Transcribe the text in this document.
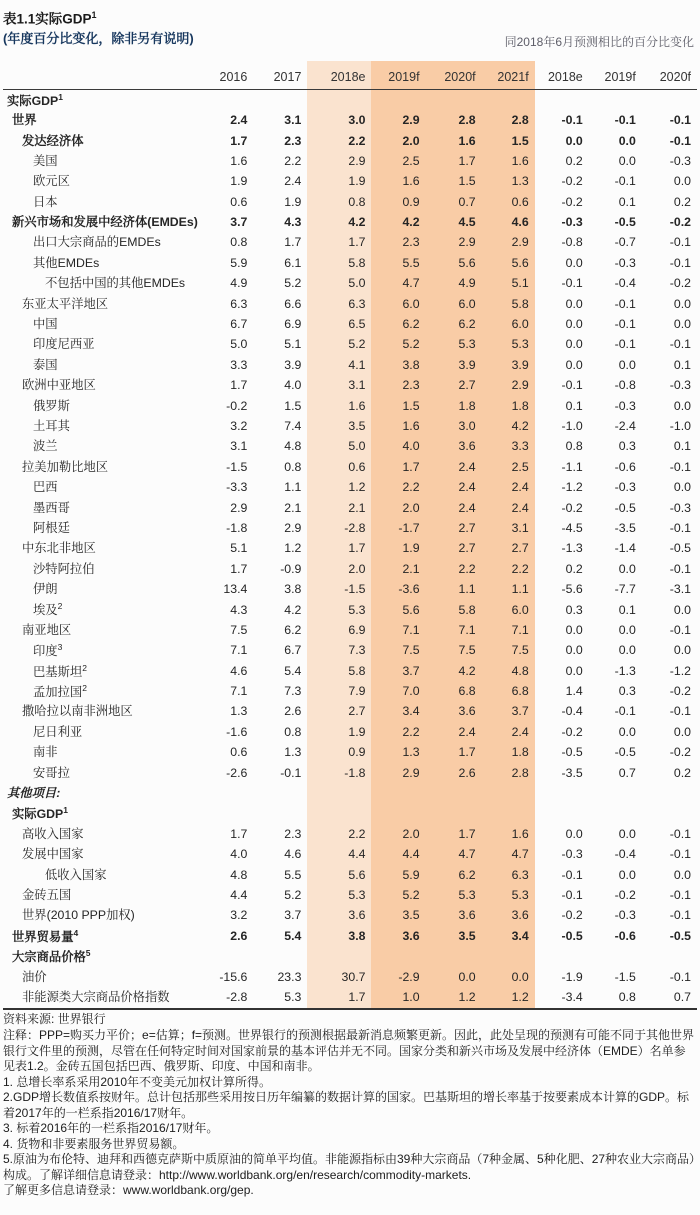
表1.1实际GDP$^1$
(年度百分比变化，除非另有说明)	同2018年6月预测相比的百分比变化
	2016	2017	2018e	2019f	2020f	2021f	2018e	2019f	2020f
实际GDP$^1$									
世界	2.4	3.1	3.0	2.9	2.8	2.8	-0.1	-0.1	-0.1
发达经济体	1.7	2.3	2.2	2.0	1.6	1.5	0.0	0.0	-0.1
美国	1.6	2.2	2.9	2.5	1.7	1.6	0.2	0.0	-0.3
欧元区	1.9	2.4	1.9	1.6	1.5	1.3	-0.2	-0.1	0.0
日本	0.6	1.9	0.8	0.9	0.7	0.6	-0.2	0.1	0.2
新兴市场和发展中经济体(EMDEs)	3.7	4.3	4.2	4.2	4.5	4.6	-0.3	-0.5	-0.2
出口大宗商品的EMDEs	0.8	1.7	1.7	2.3	2.9	2.9	-0.8	-0.7	-0.1
其他EMDEs	5.9	6.1	5.8	5.5	5.6	5.6	0.0	-0.3	-0.1
不包括中国的其他EMDEs	4.9	5.2	5.0	4.7	4.9	5.1	-0.1	-0.4	-0.2
东亚太平洋地区	6.3	6.6	6.3	6.0	6.0	5.8	0.0	-0.1	0.0
中国	6.7	6.9	6.5	6.2	6.2	6.0	0.0	-0.1	0.0
印度尼西亚	5.0	5.1	5.2	5.2	5.3	5.3	0.0	-0.1	-0.1
泰国	3.3	3.9	4.1	3.8	3.9	3.9	0.0	0.0	0.1
欧洲中亚地区	1.7	4.0	3.1	2.3	2.7	2.9	-0.1	-0.8	-0.3
俄罗斯	-0.2	1.5	1.6	1.5	1.8	1.8	0.1	-0.3	0.0
土耳其	3.2	7.4	3.5	1.6	3.0	4.2	-1.0	-2.4	-1.0
波兰	3.1	4.8	5.0	4.0	3.6	3.3	0.8	0.3	0.1
拉美加勒比地区	-1.5	0.8	0.6	1.7	2.4	2.5	-1.1	-0.6	-0.1
巴西	-3.3	1.1	1.2	2.2	2.4	2.4	-1.2	-0.3	0.0
墨西哥	2.9	2.1	2.1	2.0	2.4	2.4	-0.2	-0.5	-0.3
阿根廷	-1.8	2.9	-2.8	-1.7	2.7	3.1	-4.5	-3.5	-0.1
中东北非地区	5.1	1.2	1.7	1.9	2.7	2.7	-1.3	-1.4	-0.5
沙特阿拉伯	1.7	-0.9	2.0	2.1	2.2	2.2	0.2	0.0	-0.1
伊朗	13.4	3.8	-1.5	-3.6	1.1	1.1	-5.6	-7.7	-3.1
埃及$^2$	4.3	4.2	5.3	5.6	5.8	6.0	0.3	0.1	0.0
南亚地区	7.5	6.2	6.9	7.1	7.1	7.1	0.0	0.0	-0.1
印度$^3$	7.1	6.7	7.3	7.5	7.5	7.5	0.0	0.0	0.0
巴基斯坦$^2$	4.6	5.4	5.8	3.7	4.2	4.8	0.0	-1.3	-1.2
孟加拉国$^2$	7.1	7.3	7.9	7.0	6.8	6.8	1.4	0.3	-0.2
撒哈拉以南非洲地区	1.3	2.6	2.7	3.4	3.6	3.7	-0.4	-0.1	-0.1
尼日利亚	-1.6	0.8	1.9	2.2	2.4	2.4	-0.2	0.0	0.0
南非	0.6	1.3	0.9	1.3	1.7	1.8	-0.5	-0.5	-0.2
安哥拉	-2.6	-0.1	-1.8	2.9	2.6	2.8	-3.5	0.7	0.2
其他项目:									
实际GDP$^1$									
高收入国家	1.7	2.3	2.2	2.0	1.7	1.6	0.0	0.0	-0.1
发展中国家	4.0	4.6	4.4	4.4	4.7	4.7	-0.3	-0.4	-0.1
低收入国家	4.8	5.5	5.6	5.9	6.2	6.3	-0.1	0.0	0.0
金砖五国	4.4	5.2	5.3	5.2	5.3	5.3	-0.1	-0.2	-0.1
世界(2010 PPP加权)	3.2	3.7	3.6	3.5	3.6	3.6	-0.2	-0.3	-0.1
世界贸易量$^4$	2.6	5.4	3.8	3.6	3.5	3.4	-0.5	-0.6	-0.5
大宗商品价格$^5$									
油价	-15.6	23.3	30.7	-2.9	0.0	0.0	-1.9	-1.5	-0.1
非能源类大宗商品价格指数	-2.8	5.3	1.7	1.0	1.2	1.2	-3.4	0.8	0.7
资料来源: 世界银行
注释：PPP=购买力平价；e=估算；f=预测。世界银行的预测根据最新消息频繁更新。因此，此处呈现的预测有可能不同于其他世界银行文件里的预测，尽管在任何特定时间对国家前景的基本评估并无不同。国家分类和新兴市场及发展中经济体（EMDE）名单参见表1.2。金砖五国包括巴西、俄罗斯、印度、中国和南非。
1. 总增长率系采用2010年不变美元加权计算所得。
2.GDP增长数值系按财年。总计包括那些采用按日历年编纂的数据计算的国家。巴基斯坦的增长率基于按要素成本计算的GDP。标着2017年的一栏系指2016/17财年。
3. 标着2016年的一栏系指2016/17财年。
4. 货物和非要素服务世界贸易额。
5.原油为布伦特、迪拜和西德克萨斯中质原油的简单平均值。非能源指标由39种大宗商品（7种金属、5种化肥、27种农业大宗商品）构成。了解详细信息请登录：http://www.worldbank.org/en/research/commodity-markets.
了解更多信息请登录：www.worldbank.org/gep.
